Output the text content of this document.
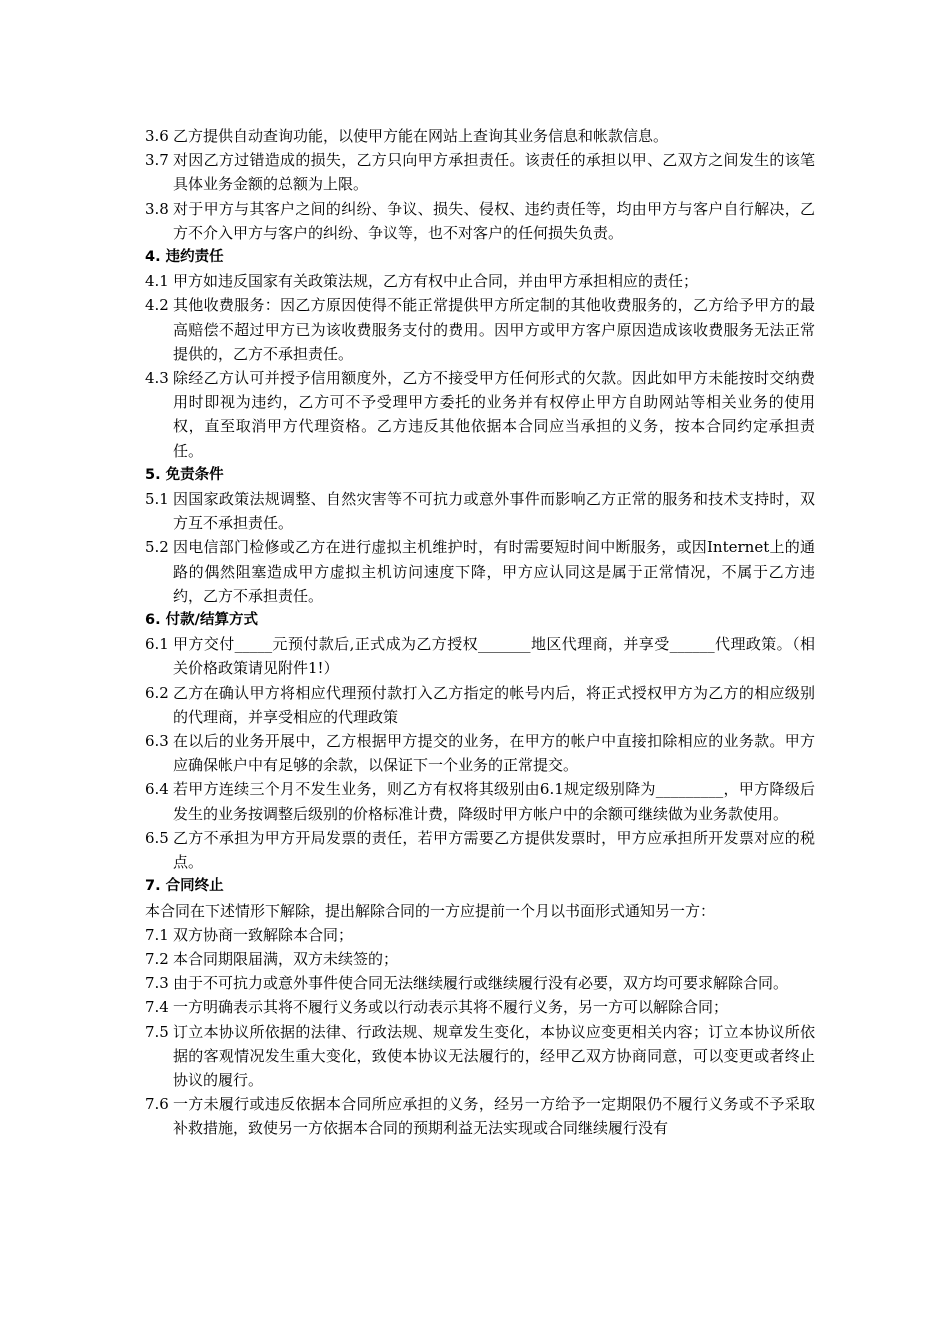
3.6 乙方提供自动查询功能，以使甲方能在网站上查询其业务信息和帐款信息。
3.7 对因乙方过错造成的损失，乙方只向甲方承担责任。该责任的承担以甲、乙双方之间发生的该笔具体业务金额的总额为上限。
3.8 对于甲方与其客户之间的纠纷、争议、损失、侵权、违约责任等，均由甲方与客户自行解决，乙方不介入甲方与客户的纠纷、争议等，也不对客户的任何损失负责。
4. 违约责任
4.1 甲方如违反国家有关政策法规，乙方有权中止合同，并由甲方承担相应的责任；
4.2 其他收费服务：因乙方原因使得不能正常提供甲方所定制的其他收费服务的，乙方给予甲方的最高赔偿不超过甲方已为该收费服务支付的费用。因甲方或甲方客户原因造成该收费服务无法正常提供的，乙方不承担责任。
4.3 除经乙方认可并授予信用额度外，乙方不接受甲方任何形式的欠款。因此如甲方未能按时交纳费用时即视为违约，乙方可不予受理甲方委托的业务并有权停止甲方自助网站等相关业务的使用权，直至取消甲方代理资格。乙方违反其他依据本合同应当承担的义务，按本合同约定承担责任。
5. 免责条件
5.1 因国家政策法规调整、自然灾害等不可抗力或意外事件而影响乙方正常的服务和技术支持时，双方互不承担责任。
5.2 因电信部门检修或乙方在进行虚拟主机维护时，有时需要短时间中断服务，或因Internet上的通路的偶然阻塞造成甲方虚拟主机访问速度下降，甲方应认同这是属于正常情况，不属于乙方违约，乙方不承担责任。
6. 付款/结算方式
6.1 甲方交付_____元预付款后,正式成为乙方授权_______地区代理商，并享受______代理政策。（相关价格政策请见附件1!）
6.2 乙方在确认甲方将相应代理预付款打入乙方指定的帐号内后，将正式授权甲方为乙方的相应级别的代理商，并享受相应的代理政策
6.3 在以后的业务开展中，乙方根据甲方提交的业务，在甲方的帐户中直接扣除相应的业务款。甲方应确保帐户中有足够的余款，以保证下一个业务的正常提交。
6.4 若甲方连续三个月不发生业务，则乙方有权将其级别由6.1规定级别降为_________，甲方降级后发生的业务按调整后级别的价格标准计费，降级时甲方帐户中的余额可继续做为业务款使用。
6.5 乙方不承担为甲方开局发票的责任，若甲方需要乙方提供发票时，甲方应承担所开发票对应的税点。
7. 合同终止
本合同在下述情形下解除，提出解除合同的一方应提前一个月以书面形式通知另一方：
7.1 双方协商一致解除本合同；
7.2 本合同期限届满，双方未续签的；
7.3 由于不可抗力或意外事件使合同无法继续履行或继续履行没有必要，双方均可要求解除合同。
7.4 一方明确表示其将不履行义务或以行动表示其将不履行义务，另一方可以解除合同；
7.5 订立本协议所依据的法律、行政法规、规章发生变化，本协议应变更相关内容；订立本协议所依据的客观情况发生重大变化，致使本协议无法履行的，经甲乙双方协商同意，可以变更或者终止协议的履行。
7.6 一方未履行或违反依据本合同所应承担的义务，经另一方给予一定期限仍不履行义务或不予采取补救措施，致使另一方依据本合同的预期利益无法实现或合同继续履行没有
